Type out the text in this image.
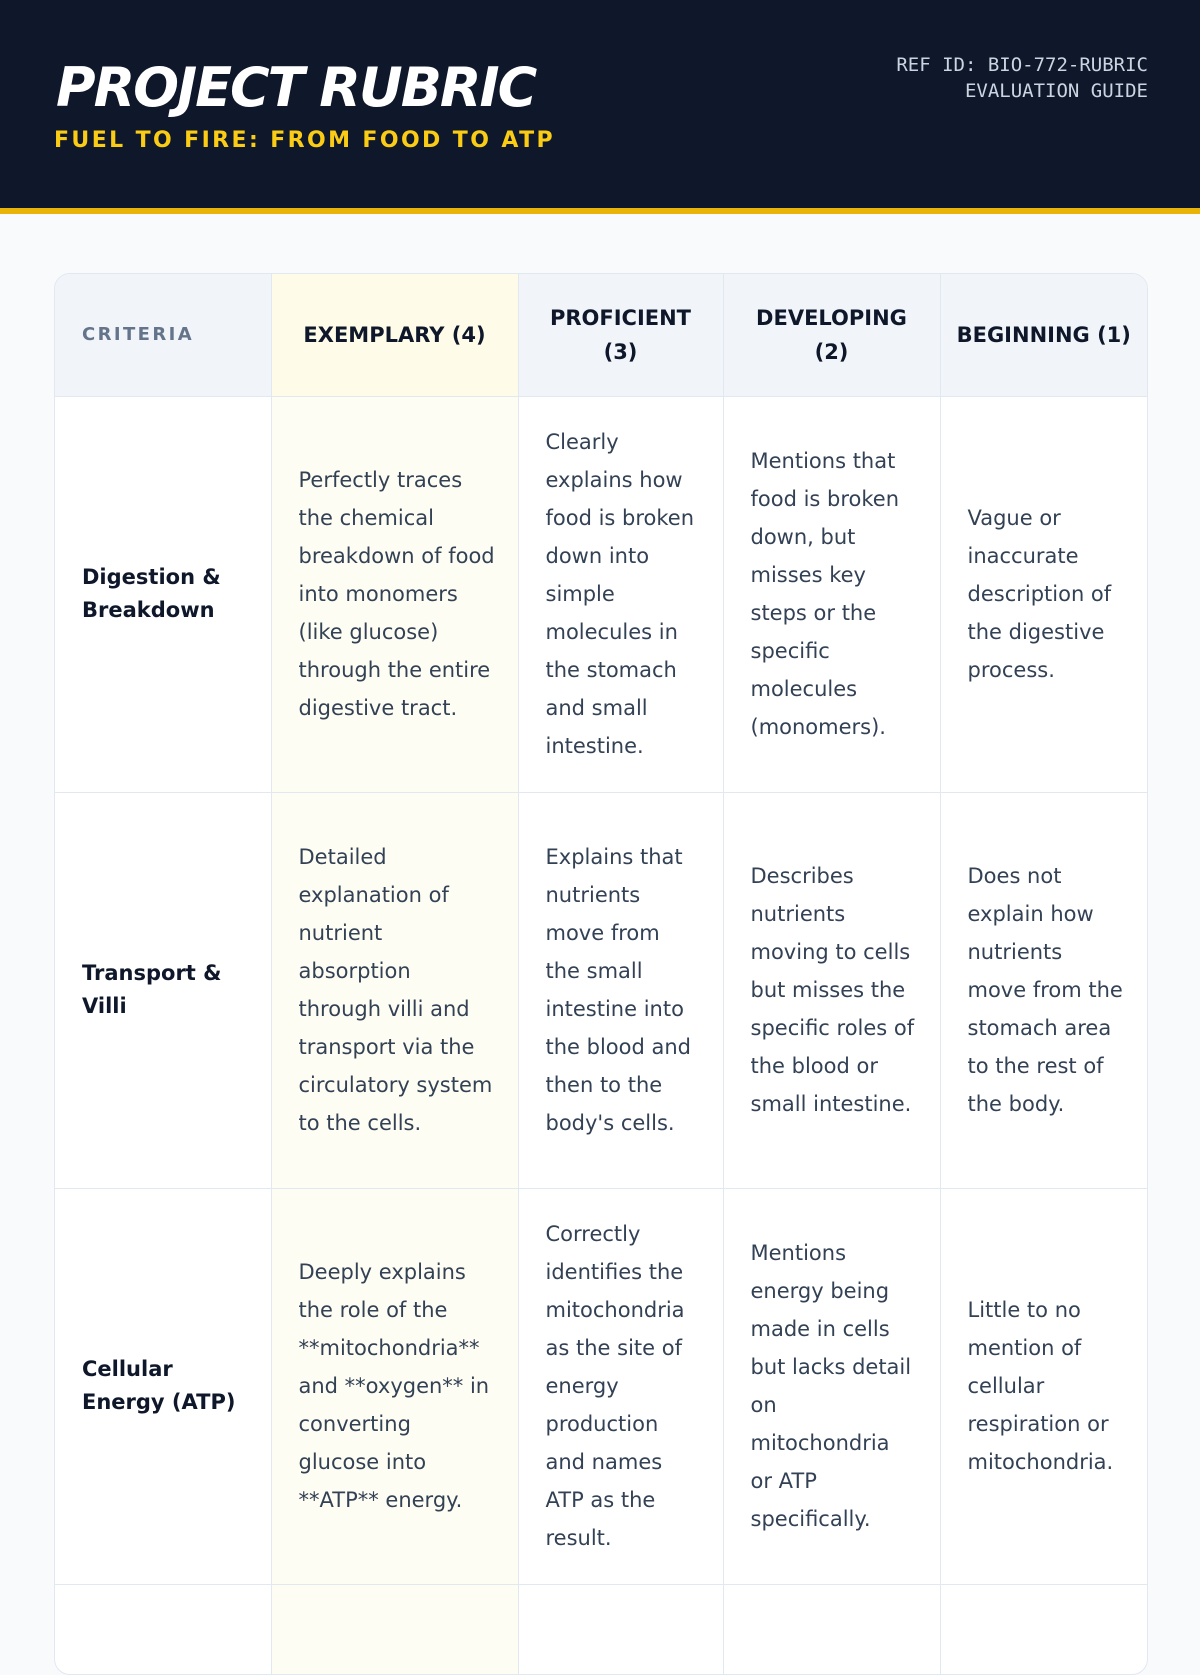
PROJECT RUBRIC
FUEL TO FIRE: FROM FOOD TO ATP
REF ID: BIO-772-RUBRIC
EVALUATION GUIDE
CRITERIA	EXEMPLARY (4)	PROFICIENT (3)	DEVELOPING (2)	BEGINNING (1)
Digestion & Breakdown	Perfectly traces the chemical breakdown of food into monomers (like glucose) through the entire digestive tract.	Clearly explains how food is broken down into simple molecules in the stomach and small intestine.	Mentions that food is broken down, but misses key steps or the specific molecules (monomers).	Vague or inaccurate description of the digestive process.
Transport & Villi	Detailed explanation of nutrient absorption through villi and transport via the circulatory system to the cells.	Explains that nutrients move from the small intestine into the blood and then to the body's cells.	Describes nutrients moving to cells but misses the specific roles of the blood or small intestine.	Does not explain how nutrients move from the stomach area to the rest of the body.
Cellular Energy (ATP)	Deeply explains the role of the **mitochondria** and **oxygen** in converting glucose into **ATP** energy.	Correctly identifies the mitochondria as the site of energy production and names ATP as the result.	Mentions energy being made in cells but lacks detail on mitochondria or ATP specifically.	Little to no mention of cellular respiration or mitochondria.
